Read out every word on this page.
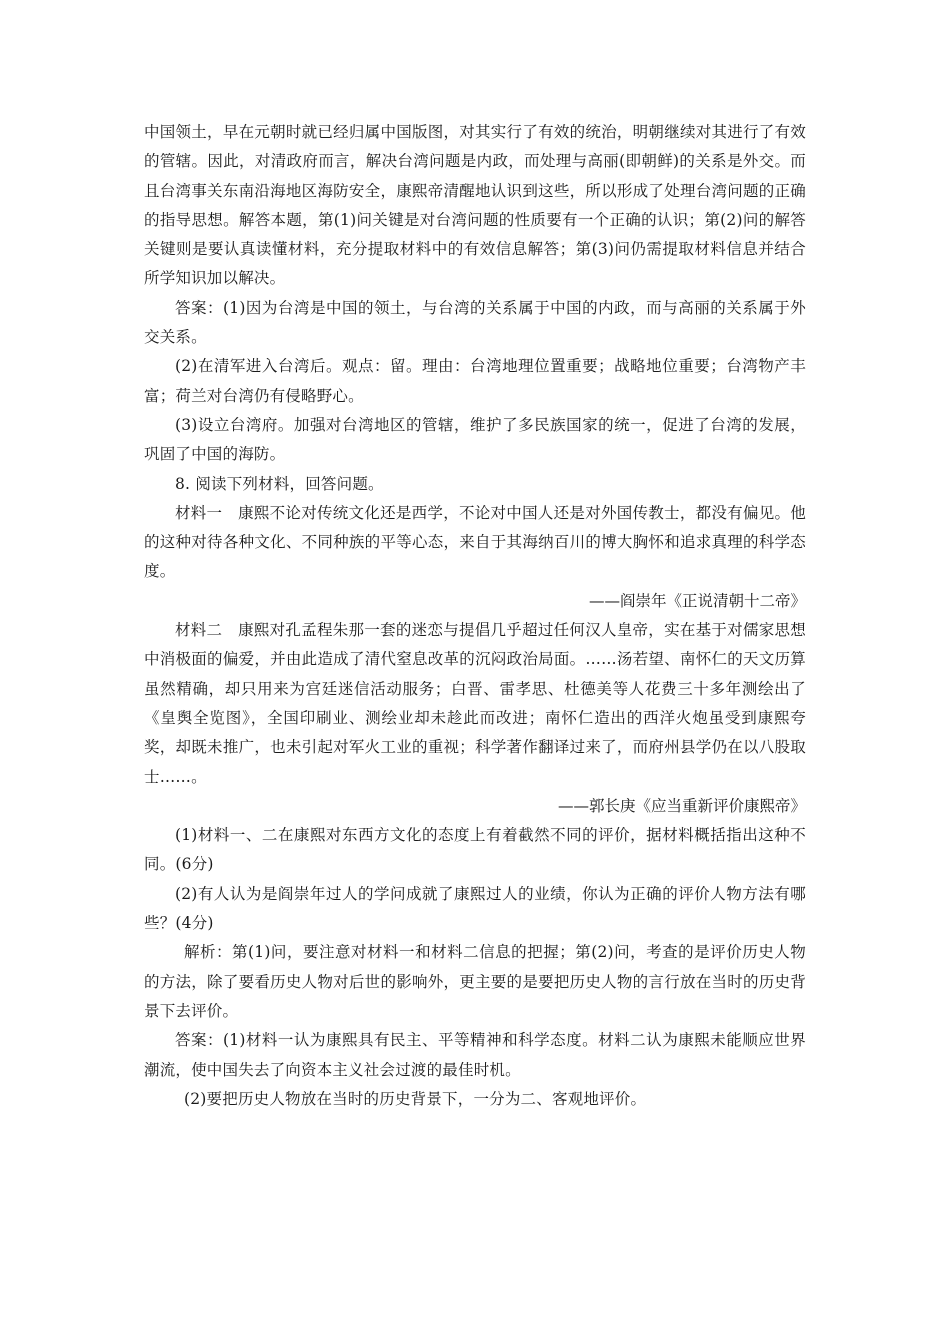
中国领土，早在元朝时就已经归属中国版图，对其实行了有效的统治，明朝继续对其进行了有效的管辖。因此，对清政府而言，解决台湾问题是内政，而处理与高丽(即朝鲜)的关系是外交。而且台湾事关东南沿海地区海防安全，康熙帝清醒地认识到这些，所以形成了处理台湾问题的正确的指导思想。解答本题，第(1)问关键是对台湾问题的性质要有一个正确的认识；第(2)问的解答关键则是要认真读懂材料，充分提取材料中的有效信息解答；第(3)问仍需提取材料信息并结合所学知识加以解决。

答案：(1)因为台湾是中国的领土，与台湾的关系属于中国的内政，而与高丽的关系属于外交关系。

(2)在清军进入台湾后。观点：留。理由：台湾地理位置重要；战略地位重要；台湾物产丰富；荷兰对台湾仍有侵略野心。

(3)设立台湾府。加强对台湾地区的管辖，维护了多民族国家的统一，促进了台湾的发展，巩固了中国的海防。

8. 阅读下列材料，回答问题。

材料一　康熙不论对传统文化还是西学，不论对中国人还是对外国传教士，都没有偏见。他的这种对待各种文化、不同种族的平等心态，来自于其海纳百川的博大胸怀和追求真理的科学态度。

——阎崇年《正说清朝十二帝》

材料二　康熙对孔孟程朱那一套的迷恋与提倡几乎超过任何汉人皇帝，实在基于对儒家思想中消极面的偏爱，并由此造成了清代窒息改革的沉闷政治局面。……汤若望、南怀仁的天文历算虽然精确，却只用来为宫廷迷信活动服务；白晋、雷孝思、杜德美等人花费三十多年测绘出了《皇舆全览图》，全国印刷业、测绘业却未趁此而改进；南怀仁造出的西洋火炮虽受到康熙夸奖，却既未推广，也未引起对军火工业的重视；科学著作翻译过来了，而府州县学仍在以八股取士……。

——郭长庚《应当重新评价康熙帝》

(1)材料一、二在康熙对东西方文化的态度上有着截然不同的评价，据材料概括指出这种不同。(6分)

(2)有人认为是阎崇年过人的学问成就了康熙过人的业绩，你认为正确的评价人物方法有哪些？(4分)

解析：第(1)问，要注意对材料一和材料二信息的把握；第(2)问，考查的是评价历史人物的方法，除了要看历史人物对后世的影响外，更主要的是要把历史人物的言行放在当时的历史背景下去评价。

答案：(1)材料一认为康熙具有民主、平等精神和科学态度。材料二认为康熙未能顺应世界潮流，使中国失去了向资本主义社会过渡的最佳时机。

(2)要把历史人物放在当时的历史背景下，一分为二、客观地评价。
